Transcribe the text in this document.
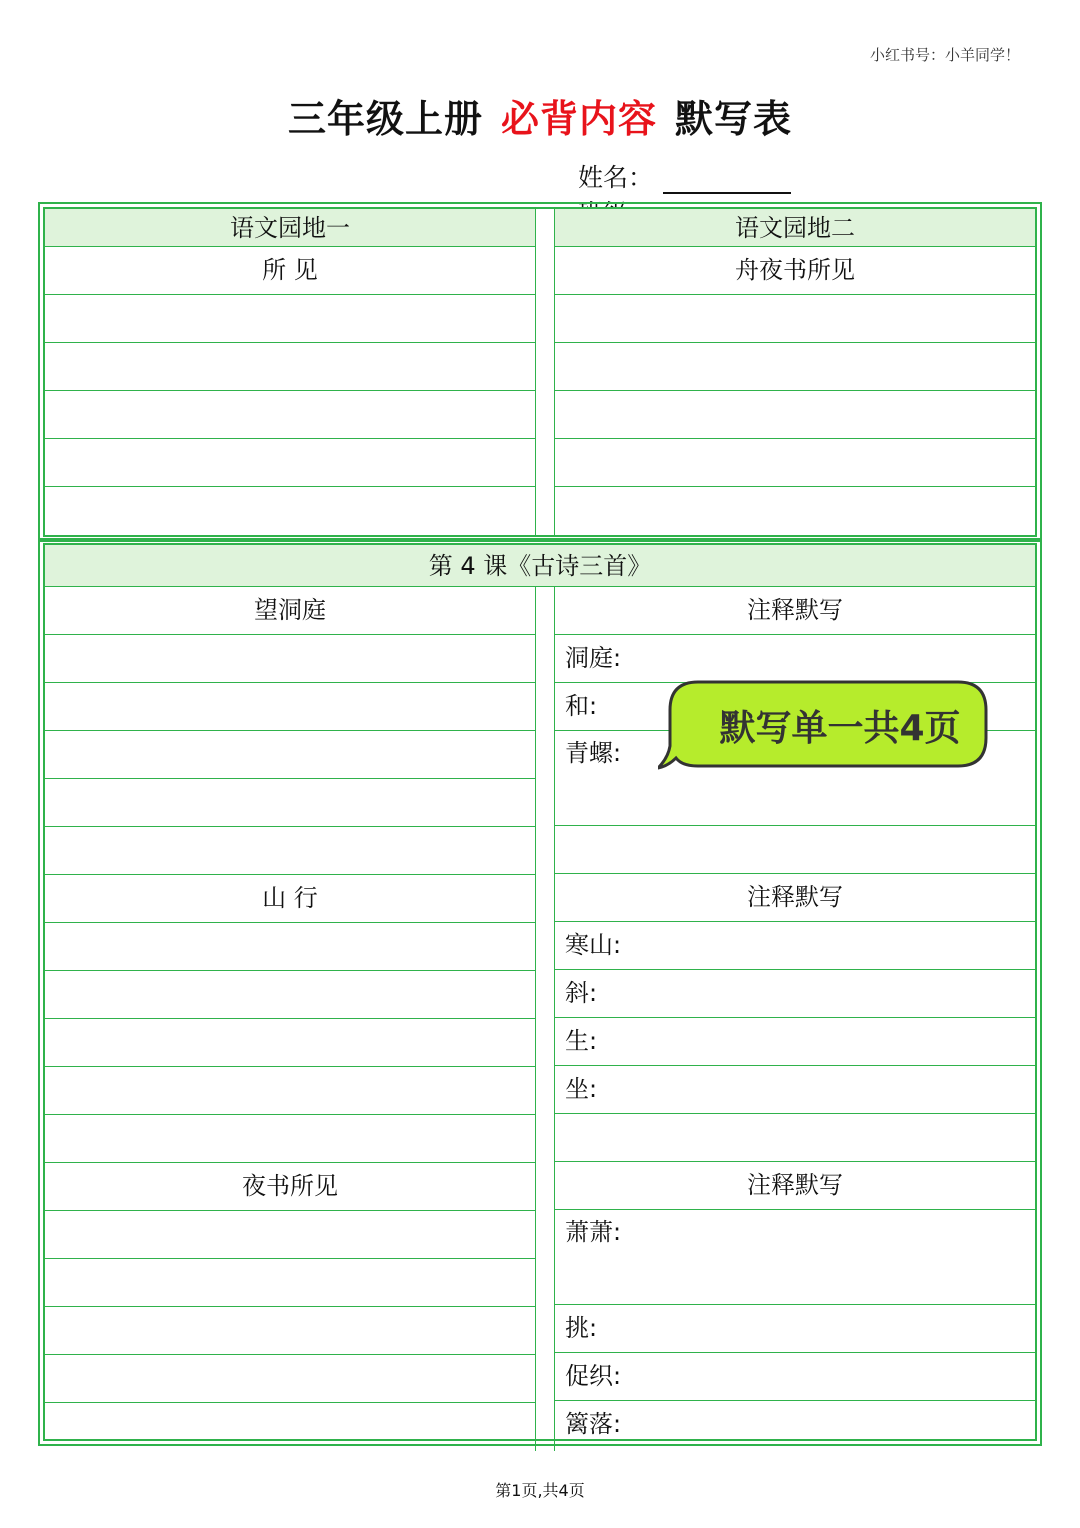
小红书号：小羊同学！
三年级上册 必背内容 默写表
姓名：
语文园地一
所 见
语文园地二
舟夜书所见
第 4 课《古诗三首》
望洞庭
山 行
夜书所见
注释默写
洞庭:
和:
青螺:
注释默写
寒山:
斜:
生:
坐:
注释默写
萧萧:
挑:
促织:
篱落:
默写单一共4页
第1页,共4页
